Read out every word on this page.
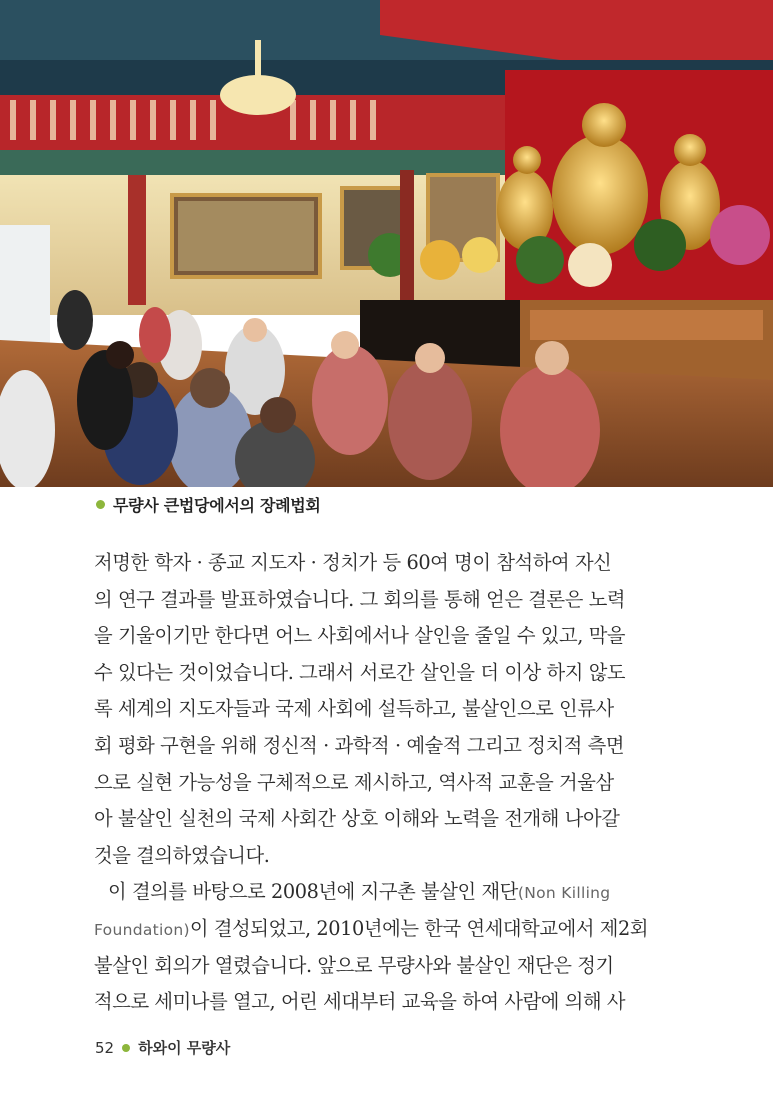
무량사 큰법당에서의 장례법회
저명한 학자 · 종교 지도자 · 정치가 등 60여 명이 참석하여 자신
의 연구 결과를 발표하였습니다. 그 회의를 통해 얻은 결론은 노력
을 기울이기만 한다면 어느 사회에서나 살인을 줄일 수 있고, 막을
수 있다는 것이었습니다. 그래서 서로간 살인을 더 이상 하지 않도
록 세계의 지도자들과 국제 사회에 설득하고, 불살인으로 인류사
회 평화 구현을 위해 정신적 · 과학적 · 예술적 그리고 정치적 측면
으로 실현 가능성을 구체적으로 제시하고, 역사적 교훈을 거울삼
아 불살인 실천의 국제 사회간 상호 이해와 노력을 전개해 나아갈
것을 결의하였습니다.
이 결의를 바탕으로 2008년에 지구촌 불살인 재단(Non Killing
Foundation)이 결성되었고, 2010년에는 한국 연세대학교에서 제2회
불살인 회의가 열렸습니다. 앞으로 무량사와 불살인 재단은 정기
적으로 세미나를 열고, 어린 세대부터 교육을 하여 사람에 의해 사
52 하와이 무량사
